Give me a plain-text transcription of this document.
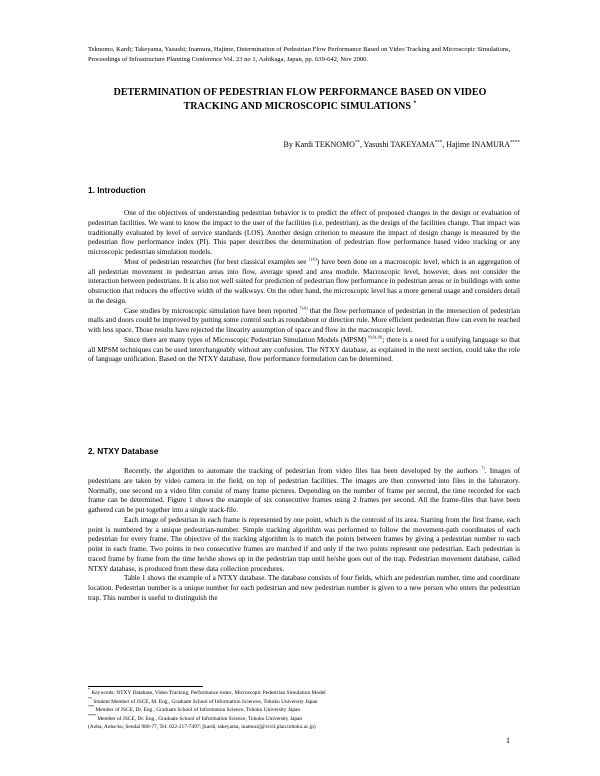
Teknomo, Kardi; Takeyama, Yasushi; Inamura, Hajime, Determination of Pedestrian Flow Performance Based on Video Tracking and Microscopic Simulations, Proceedings of Infrastructure Planning Conference Vol. 23 no 1, Ashikaga, Japan, pp. 639-642, Nov 2000.
DETERMINATION OF PEDESTRIAN FLOW PERFORMANCE BASED ON VIDEO
TRACKING AND MICROSCOPIC SIMULATIONS *
By Kardi TEKNOMO**, Yasushi TAKEYAMA***, Hajime INAMURA****
1. Introduction

One of the objectives of understanding pedestrian behavior is to predict the effect of proposed changes in the design or evaluation of pedestrian facilities. We want to know the impact to the user of the facilities (i.e. pedestrian), as the design of the facilities change. That impact was traditionally evaluated by level of service standards (LOS). Another design criterion to measure the impact of design change is measured by the pedestrian flow performance index (PI). This paper describes the determination of pedestrian flow performance based video tracking or any microscopic pedestrian simulation models.

Most of pedestrian researches (for best classical examples see $^{1)-6)}$) have been done on a macroscopic level, which is an aggregation of all pedestrian movement in pedestrian areas into flow, average speed and area module. Macroscopic level, however, does not consider the interaction between pedestrians. It is also not well suited for prediction of pedestrian flow performance in pedestrian areas or in buildings with some obstruction that reduces the effective width of the walkways. On the other hand, the microscopic level has a more general usage and considers detail in the design.

Case studies by microscopic simulation have been reported $^{7)-8)}$ that the flow performance of pedestrian in the intersection of pedestrian malls and doors could be improved by putting some control such as roundabout or direction rule. More efficient pedestrian flow can even be reached with less space. Those results have rejected the linearity assumption of space and flow in the macroscopic level.

Since there are many types of Microscopic Pedestrian Simulation Models (MPSM) $^{8),9),10)}$; there is a need for a unifying language so that all MPSM techniques can be used interchangeably without any confusion. The NTXY database, as explained in the next section, could take the role of language unification. Based on the NTXY database, flow performance formulation can be determined.

2. NTXY Database

Recently, the algorithm to automate the tracking of pedestrian from video files has been developed by the authors $^{7)}$. Images of pedestrians are taken by video camera in the field, on top of pedestrian facilities. The images are then converted into files in the laboratory. Normally, one second on a video film consist of many frame pictures. Depending on the number of frame per second, the time recorded for each frame can be determined. Figure 1 shows the example of six consecutive frames using 2 frames per second. All the frame-files that have been gathered can be put together into a single stack-file.

Each image of pedestrian in each frame is represented by one point, which is the centroid of its area. Starting from the first frame, each point is numbered by a unique pedestrian-number. Simple tracking algorithm was performed to follow the movement-path coordinates of each pedestrian for every frame. The objective of the tracking algorithm is to match the points between frames by giving a pedestrian number to each point in each frame. Two points in two consecutive frames are matched if and only if the two points represent one pedestrian. Each pedestrian is traced frame by frame from the time he/she shows up in the pedestrian trap until he/she goes out of the trap. Pedestrian movement database, called NTXY database, is produced from these data collection procedures.

Table 1 shows the example of a NTXY database. The database consists of four fields, which are pedestrian number, time and coordinate location. Pedestrian number is a unique number for each pedestrian and new pedestrian number is given to a new person who enters the pedestrian trap. This number is useful to distinguish the

* Keywords: NTXY Database, Video Tracking, Performance index, Microscopic Pedestrian Simulation Model
** Student Member of JSCE, M. Eng., Graduate School of Information Sciences, Tohoku University Japan
*** Member of JSCE, Dr. Eng., Graduate School of Information Science, Tohoku University Japan
**** Member of JSCE, Dr. Eng., Graduate School of Information Science, Tohoku University Japan
(Aoba, Aoba-ku, Sendai 980-77, Tel: 022-217-7497; [kardi, takeyama, inamura]@civil.plan.tohoku.ac.jp)
1
